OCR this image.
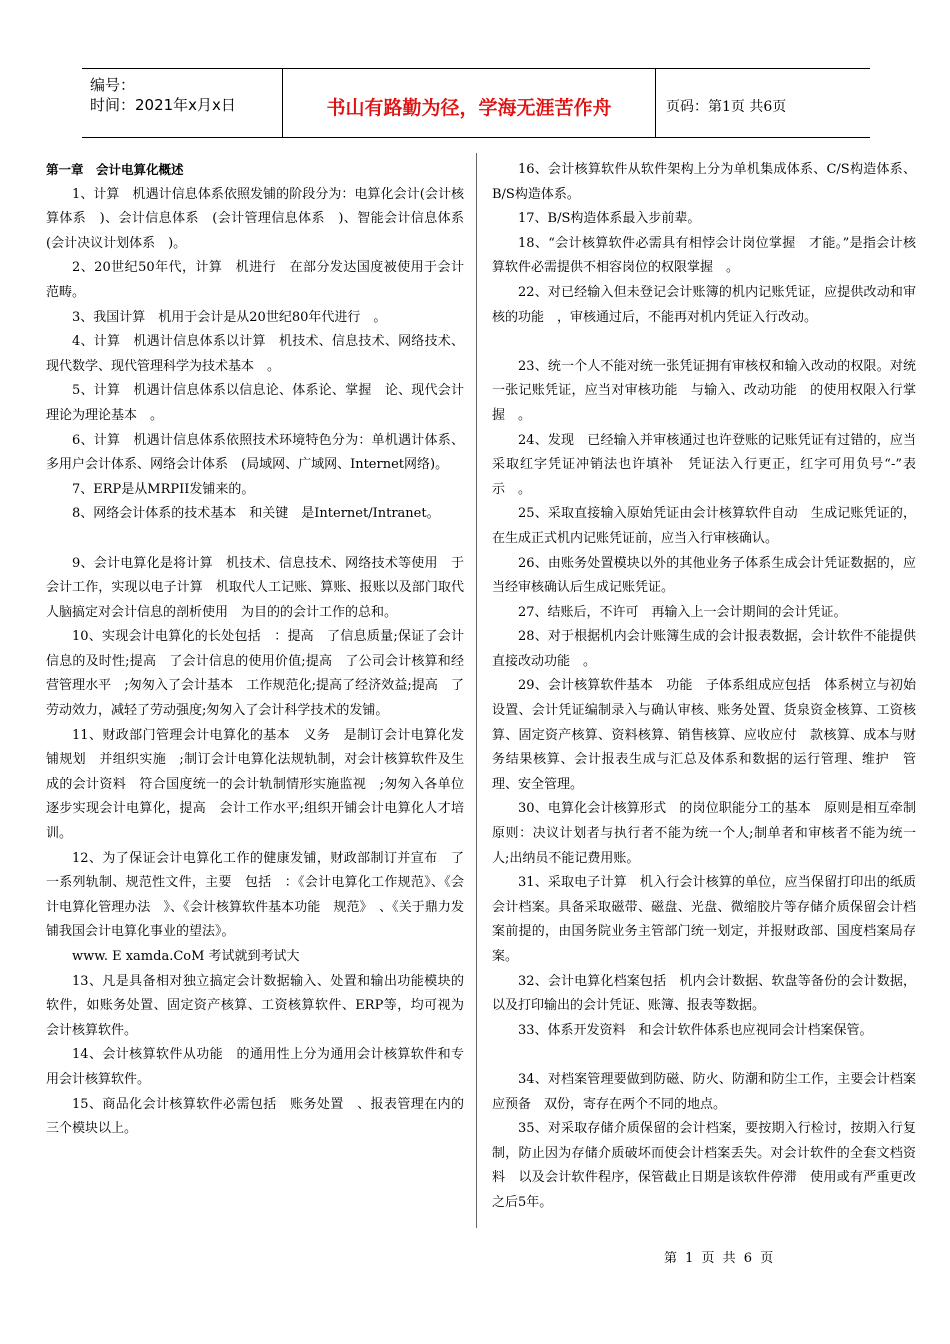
编号：
时间：2021年x月x日	书山有路勤为径，学海无涯苦作舟	页码：第1页 共6页

第一章　会计电算化概述

1、计算　机遇计信息体系依照发铺的阶段分为：电算化会计(会计核算体系　)、会计信息体系　(会计管理信息体系　)、智能会计信息体系　(会计决议计划体系　)。

2、20世纪50年代，计算　机进行　在部分发达国度被使用于会计范畴。

3、我国计算　机用于会计是从20世纪80年代进行　。

4、计算　机遇计信息体系以计算　机技术、信息技术、网络技术、现代数学、现代管理科学为技术基本　。

5、计算　机遇计信息体系以信息论、体系论、掌握　论、现代会计理论为理论基本　。

6、计算　机遇计信息体系依照技术环境特色分为：单机遇计体系、多用户会计体系、网络会计体系　(局域网、广域网、Internet网络)。

7、ERP是从MRPII发铺来的。

8、网络会计体系的技术基本　和关键　是Internet/Intranet。

9、会计电算化是将计算　机技术、信息技术、网络技术等使用　于会计工作，实现以电子计算　机取代人工记账、算账、报账以及部门取代人脑搞定对会计信息的剖析使用　为目的的会计工作的总和。

10、实现会计电算化的长处包括　：提高　了信息质量;保证了会计信息的及时性;提高　了会计信息的使用价值;提高　了公司会计核算和经营管理水平　;匆匆入了会计基本　工作规范化;提高了经济效益;提高　了劳动效力，减轻了劳动强度;匆匆入了会计科学技术的发铺。

11、财政部门管理会计电算化的基本　义务　是制订会计电算化发铺规划　并组织实施　;制订会计电算化法规轨制，对会计核算软件及生成的会计资料　符合国度统一的会计轨制情形实施监视　;匆匆入各单位逐步实现会计电算化，提高　会计工作水平;组织开铺会计电算化人才培训。

12、为了保证会计电算化工作的健康发铺，财政部制订并宣布　了一系列轨制、规范性文件，主要　包括　：《会计电算化工作规范》、《会计电算化管理办法　》、《会计核算软件基本功能　规范》　、《关于鼎力发铺我国会计电算化事业的望法》。

www. E xamda.CoM 考试就到考试大

13、凡是具备相对独立搞定会计数据输入、处置和输出功能模块的软件，如账务处置、固定资产核算、工资核算软件、ERP等，均可视为会计核算软件。

14、会计核算软件从功能　的通用性上分为通用会计核算软件和专用会计核算软件。

15、商品化会计核算软件必需包括　账务处置　、报表管理在内的三个模块以上。

16、会计核算软件从软件架构上分为单机集成体系、C/S构造体系、B/S构造体系。

17、B/S构造体系最入步前辈。

18、“会计核算软件必需具有相悖会计岗位掌握　才能。”是指会计核算软件必需提供不相容岗位的权限掌握　。

22、对已经输入但未登记会计账簿的机内记账凭证，应提供改动和审核的功能　，审核通过后，不能再对机内凭证入行改动。

23、统一个人不能对统一张凭证拥有审核权和输入改动的权限。对统一张记账凭证，应当对审核功能　与输入、改动功能　的使用权限入行掌握　。

24、发现　已经输入并审核通过也许登账的记账凭证有过错的，应当采取红字凭证冲销法也许填补　凭证法入行更正，红字可用负号“-”表示　。

25、采取直接输入原始凭证由会计核算软件自动　生成记账凭证的，在生成正式机内记账凭证前，应当入行审核确认。

26、由账务处置模块以外的其他业务子体系生成会计凭证数据的，应当经审核确认后生成记账凭证。

27、结账后，不许可　再输入上一会计期间的会计凭证。

28、对于根据机内会计账簿生成的会计报表数据，会计软件不能提供直接改动功能　。

29、会计核算软件基本　功能　子体系组成应包括　体系树立与初始设置、会计凭证编制录入与确认审核、账务处置、货泉资金核算、工资核算、固定资产核算、资料核算、销售核算、应收应付　款核算、成本与财务结果核算、会计报表生成与汇总及体系和数据的运行管理、维护　管理、安全管理。

30、电算化会计核算形式　的岗位职能分工的基本　原则是相互牵制原则：决议计划者与执行者不能为统一个人;制单者和审核者不能为统一人;出纳员不能记费用账。

31、采取电子计算　机入行会计核算的单位，应当保留打印出的纸质会计档案。具备采取磁带、磁盘、光盘、微缩胶片等存储介质保留会计档案前提的，由国务院业务主管部门统一划定，并报财政部、国度档案局存案。

32、会计电算化档案包括　机内会计数据、软盘等备份的会计数据，以及打印输出的会计凭证、账簿、报表等数据。

33、体系开发资料　和会计软件体系也应视同会计档案保管。

34、对档案管理要做到防磁、防火、防潮和防尘工作，主要会计档案应预备　双份，寄存在两个不同的地点。

35、对采取存储介质保留的会计档案，要按期入行检讨，按期入行复制，防止因为存储介质破坏而使会计档案丢失。对会计软件的全套文档资料　以及会计软件程序，保管截止日期是该软件停滞　使用或有严重更改之后5年。

第 1 页 共 6 页
